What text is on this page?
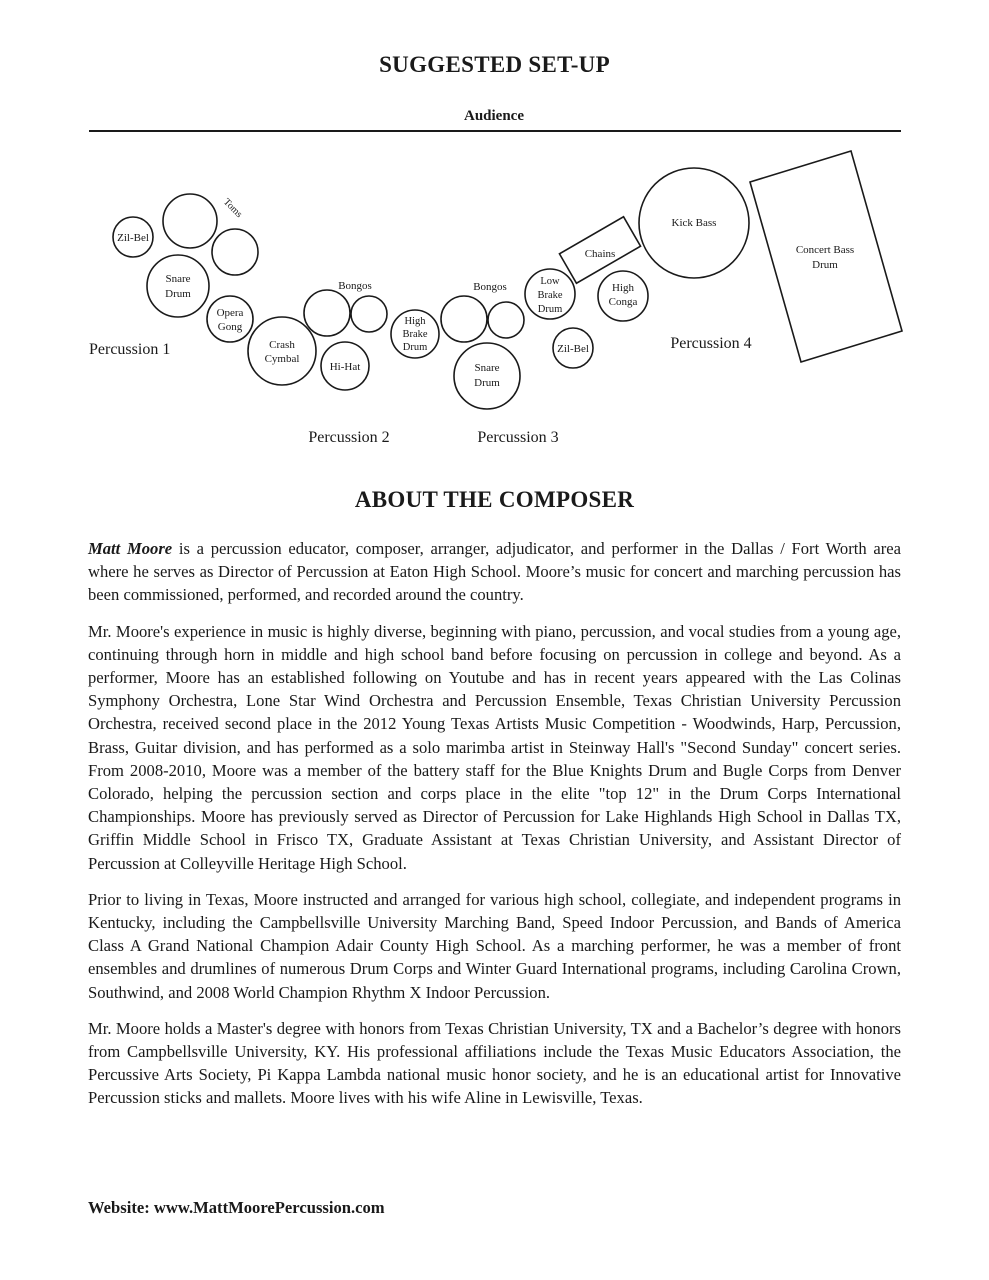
SUGGESTED SET-UP
Audience
Zil-Bel
Toms
Snare
Drum
Opera
Gong
Percussion 1	Crash
Cymbal
Bongos
Hi-Hat
High
Brake
Drum
Percussion 2
Bongos
Snare
Drum
Low
Brake
Drum
Zil-Bel
Percussion 3
Chains
High
Conga
Kick Bass
Concert Bass
Drum
Percussion 4
ABOUT THE COMPOSER

Matt Moore is a percussion educator, composer, arranger, adjudicator, and performer in the Dallas / Fort Worth area where he serves as Director of Percussion at Eaton High School. Moore’s music for concert and marching percussion has been commissioned, performed, and recorded around the country.

Mr. Moore's experience in music is highly diverse, beginning with piano, percussion, and vocal studies from a young age, continuing through horn in middle and high school band before focusing on percussion in college and beyond. As a performer, Moore has an established following on Youtube and has in recent years appeared with the Las Colinas Symphony Orchestra, Lone Star Wind Orchestra and Percussion Ensemble, Texas Christian University Percussion Orchestra, received second place in the 2012 Young Texas Artists Music Competition - Woodwinds, Harp, Percussion, Brass, Guitar division, and has performed as a solo marimba artist in Steinway Hall's "Second Sunday" concert series. From 2008-2010, Moore was a member of the battery staff for the Blue Knights Drum and Bugle Corps from Denver Colorado, helping the percussion section and corps place in the elite "top 12" in the Drum Corps International Championships. Moore has previously served as Director of Percussion for Lake Highlands High School in Dallas TX, Griffin Middle School in Frisco TX, Graduate Assistant at Texas Christian University, and Assistant Director of Percussion at Colleyville Heritage High School.

Prior to living in Texas, Moore instructed and arranged for various high school, collegiate, and independent programs in Kentucky, including the Campbellsville University Marching Band, Speed Indoor Percussion, and Bands of America Class A Grand National Champion Adair County High School. As a marching performer, he was a member of front ensembles and drumlines of numerous Drum Corps and Winter Guard International programs, including Carolina Crown, Southwind, and 2008 World Champion Rhythm X Indoor Percussion.

Mr. Moore holds a Master's degree with honors from Texas Christian University, TX and a Bachelor’s degree with honors from Campbellsville University, KY. His professional affiliations include the Texas Music Educators Association, the Percussive Arts Society, Pi Kappa Lambda national music honor society, and he is an educational artist for Innovative Percussion sticks and mallets. Moore lives with his wife Aline in Lewisville, Texas.

Website: www.MattMoorePercussion.com
